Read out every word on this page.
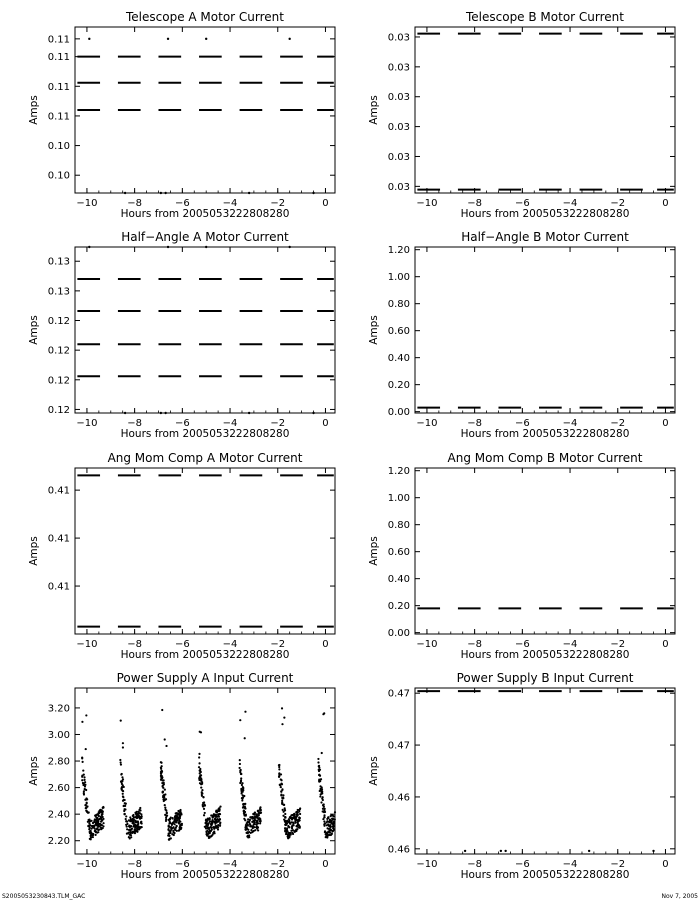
Telescope A Motor Current
−10	−8	−6	−4	−2	0
0.10
0.10
0.11
0.11
0.11
0.11
Hours from 2005053222808280
Amps
Telescope B Motor Current
−10	−8	−6	−4	−2	0
0.03
0.03
0.03
0.03
0.03
0.03
Hours from 2005053222808280
Amps
Half−Angle A Motor Current
−10	−8	−6	−4	−2	0
0.12
0.12
0.12
0.12
0.13
0.13
Hours from 2005053222808280
Amps
Half−Angle B Motor Current
−10	−8	−6	−4	−2	0
0.00
0.20
0.40
0.60
0.80
1.00
1.20
Hours from 2005053222808280
Amps
Ang Mom Comp A Motor Current
−10	−8	−6	−4	−2	0
0.41
0.41
0.41
Hours from 2005053222808280
Amps
Ang Mom Comp B Motor Current
−10	−8	−6	−4	−2	0
0.00
0.20
0.40
0.60
0.80
1.00
1.20
Hours from 2005053222808280
Amps
Power Supply A Input Current
−10	−8	−6	−4	−2	0
2.20
2.40
2.60
2.80
3.00
3.20
Hours from 2005053222808280
Amps
Power Supply B Input Current
−10	−8	−6	−4	−2	0
0.46
0.46
0.47
0.47
Hours from 2005053222808280
Amps
S2005053230843.TLM_GAC	Nov 7, 2005
